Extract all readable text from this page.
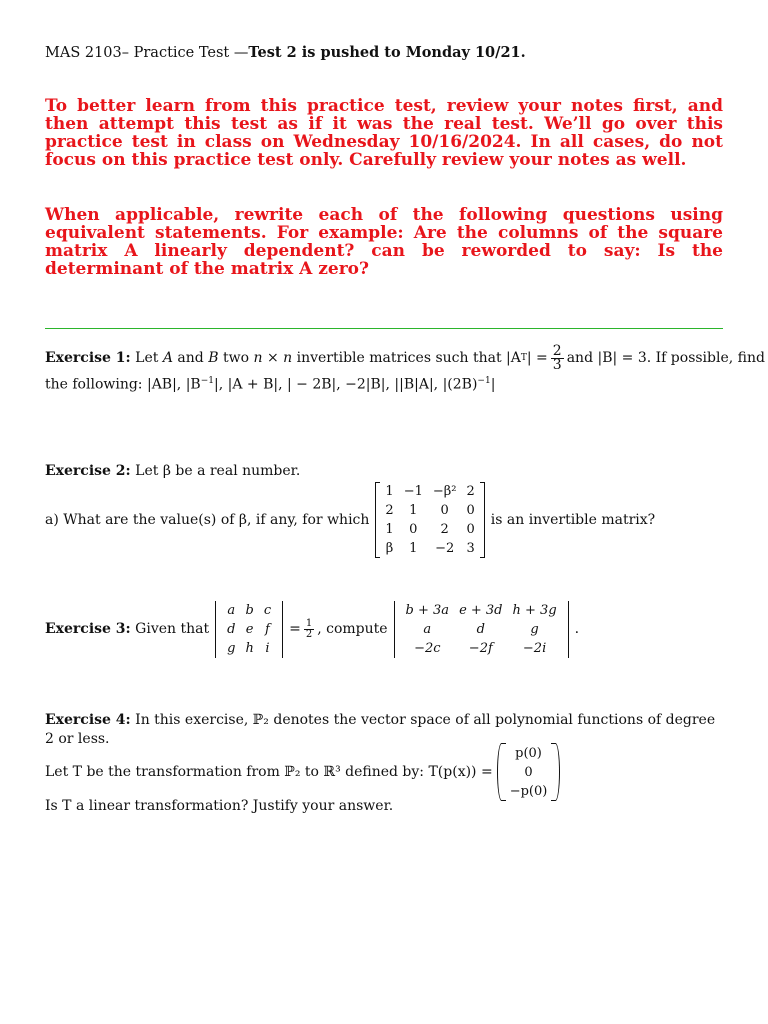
MAS 2103– Practice Test —Test 2 is pushed to Monday 10/21.
To better learn from this practice test, review your notes first, and then attempt this test as if it was the real test. We’ll go over this practice test in class on Wednesday 10/16/2024. In all cases, do not focus on this practice test only. Carefully review your notes as well.
When applicable, rewrite each of the following questions using equivalent statements. For example: Are the columns of the square matrix A linearly dependent? can be reworded to say: Is the determinant of the matrix A zero?
Exercise 1:
Let
A
and
B
two
n
×
n
invertible matrices such that
|A T | = $\frac{2}{3}$ and |B| = 3. If possible, find
the following: |AB|, $|B^{-1}|$, |A + B|, | − 2B|, −2|B|, ||B|A|, $|(2B)^{-1}|$
Exercise 2: Let β be a real number.
a) What are the value(s) of β, if any, for which
1	−1	−β²	2
2	1	0	0
1	0	2	0
β	1	−2	3
is an invertible matrix?
Exercise 3:
Given that
a	b	c
d	e	f
g	h	i
= $\frac{1}{2}$ , compute
b + 3a	e + 3d	h + 3g
a	d	g
−2c	−2f	−2i
.
Exercise 4: In this exercise, ℙ₂ denotes the vector space of all polynomial functions of degree 2 or less.
Let T be the transformation from ℙ₂ to ℝ³ defined by: T(p(x)) =
p(0)
0
−p(0)
Is T a linear transformation? Justify your answer.
